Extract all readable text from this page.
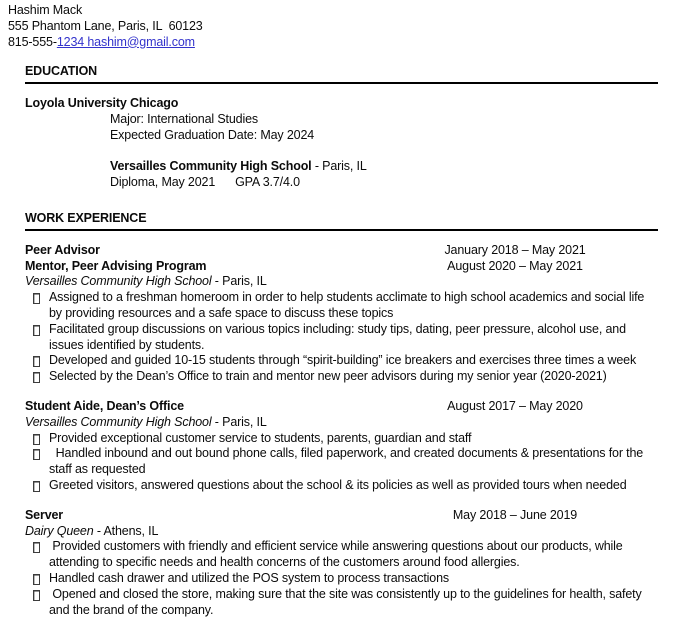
Hashim Mack
555 Phantom Lane, Paris, IL  60123
815-555-1234 hashim@gmail.com
EDUCATION
Loyola University Chicago
Major: International Studies
Expected Graduation Date: May 2024
Versailles Community High School - Paris, IL
Diploma, May 2021      GPA 3.7/4.0
WORK EXPERIENCE
Peer Advisor	January 2018 – May 2021
Mentor, Peer Advising Program	August 2020 – May 2021
Versailles Community High School - Paris, IL
Assigned to a freshman homeroom in order to help students acclimate to high school academics and social life by providing resources and a safe space to discuss these topics
Facilitated group discussions on various topics including: study tips, dating, peer pressure, alcohol use, and issues identified by students.
Developed and guided 10-15 students through “spirit-building” ice breakers and exercises three times a week
Selected by the Dean’s Office to train and mentor new peer advisors during my senior year (2020-2021)
Student Aide, Dean’s Office	August 2017 – May 2020
Versailles Community High School - Paris, IL
Provided exceptional customer service to students, parents, guardian and staff
Handled inbound and out bound phone calls, filed paperwork, and created documents & presentations for the staff as requested
Greeted visitors, answered questions about the school & its policies as well as provided tours when needed
Server	May 2018 – June 2019
Dairy Queen - Athens, IL
Provided customers with friendly and efficient service while answering questions about our products, while attending to specific needs and health concerns of the customers around food allergies.
Handled cash drawer and utilized the POS system to process transactions
Opened and closed the store, making sure that the site was consistently up to the guidelines for health, safety and the brand of the company.
